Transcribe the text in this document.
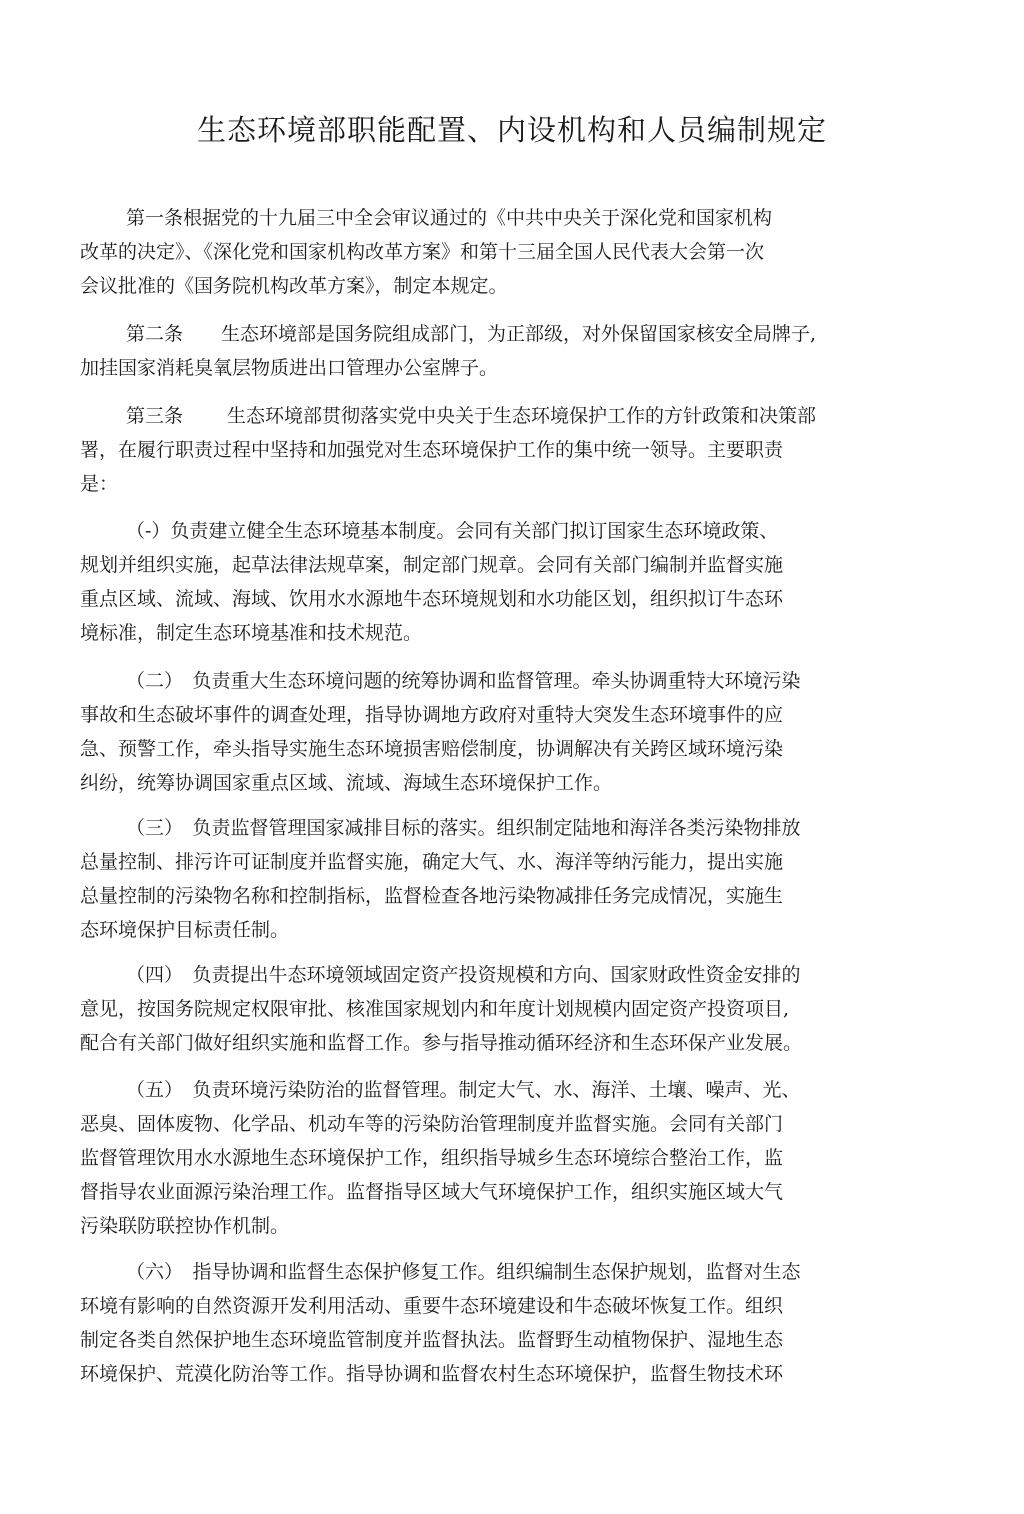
生态环境部职能配置、内设机构和人员编制规定

第一条根据党的十九届三中全会审议通过的《中共中央关于深化党和国家机构
改革的决定》、《深化党和国家机构改革方案》和第十三届全国人民代表大会第一次
会议批准的《国务院机构改革方案》，制定本规定。

第二条　　生态环境部是国务院组成部门，为正部级，对外保留国家核安全局牌子,
加挂国家消耗臭氧层物质进出口管理办公室牌子。

第三条　　 生态环境部贯彻落实党中央关于生态环境保护工作的方针政策和决策部
署，在履行职责过程中坚持和加强党对生态环境保护工作的集中统一领导。主要职责
是：

（-）负责建立健全生态环境基本制度。会同有关部门拟订国家生态环境政策、
规划并组织实施，起草法律法规草案，制定部门规章。会同有关部门编制并监督实施
重点区域、流域、海域、饮用水水源地牛态环境规划和水功能区划，组织拟订牛态环
境标准，制定生态环境基准和技术规范。

（二）　负责重大生态环境问题的统筹协调和监督管理。牵头协调重特大环境污染
事故和生态破坏事件的调查处理，指导协调地方政府对重特大突发生态环境事件的应
急、预警工作，牵头指导实施生态环境损害赔偿制度，协调解决有关跨区域环境污染
纠纷，统筹协调国家重点区域、流域、海域生态环境保护工作。

（三）　负责监督管理国家减排目标的落实。组织制定陆地和海洋各类污染物排放
总量控制、排污许可证制度并监督实施，确定大气、水、海洋等纳污能力，提出实施
总量控制的污染物名称和控制指标，监督检查各地污染物减排任务完成情况，实施生
态环境保护目标责任制。

（四）　负责提出牛态环境领域固定资产投资规模和方向、国家财政性资金安排的
意见，按国务院规定权限审批、核准国家规划内和年度计划规模内固定资产投资项目,
配合有关部门做好组织实施和监督工作。参与指导推动循环经济和生态环保产业发展。

（五）　负责环境污染防治的监督管理。制定大气、水、海洋、土壤、噪声、光、
恶臭、固体废物、化学品、机动车等的污染防治管理制度并监督实施。会同有关部门
监督管理饮用水水源地生态环境保护工作，组织指导城乡生态环境综合整治工作，监
督指导农业面源污染治理工作。监督指导区域大气环境保护工作，组织实施区域大气
污染联防联控协作机制。

（六）　指导协调和监督生态保护修复工作。组织编制生态保护规划，监督对生态
环境有影响的自然资源开发利用活动、重要牛态环境建设和牛态破坏恢复工作。组织
制定各类自然保护地生态环境监管制度并监督执法。监督野生动植物保护、湿地生态
环境保护、荒漠化防治等工作。指导协调和监督农村生态环境保护，监督生物技术环
